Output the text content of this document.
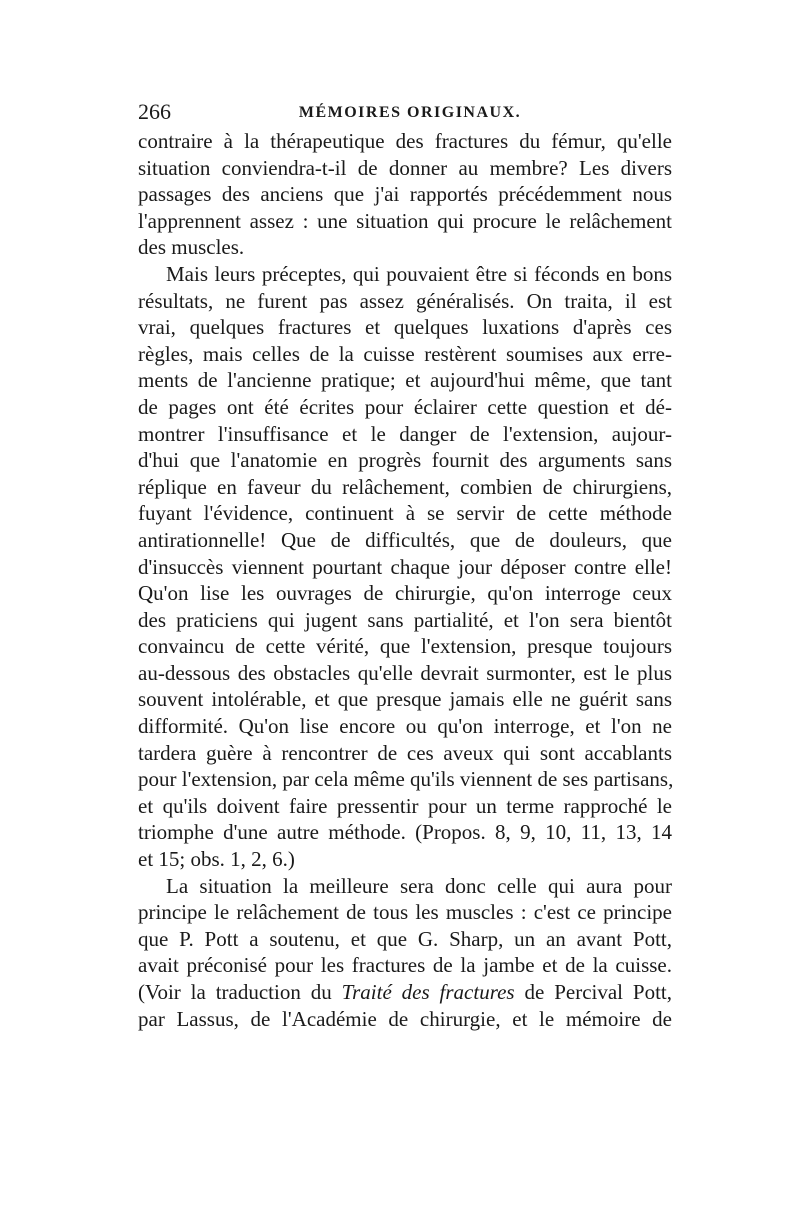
266	MÉMOIRES ORIGINAUX.
contraire à la thérapeutique des fractures du fémur, qu'elle
situation conviendra-t-il de donner au membre? Les divers
passages des anciens que j'ai rapportés précédemment nous
l'apprennent assez : une situation qui procure le relâchement
des muscles.
Mais leurs préceptes, qui pouvaient être si féconds en bons
résultats, ne furent pas assez généralisés. On traita, il est
vrai, quelques fractures et quelques luxations d'après ces
règles, mais celles de la cuisse restèrent soumises aux erre-
ments de l'ancienne pratique; et aujourd'hui même, que tant
de pages ont été écrites pour éclairer cette question et dé-
montrer l'insuffisance et le danger de l'extension, aujour-
d'hui que l'anatomie en progrès fournit des arguments sans
réplique en faveur du relâchement, combien de chirurgiens,
fuyant l'évidence, continuent à se servir de cette méthode
antirationnelle! Que de difficultés, que de douleurs, que
d'insuccès viennent pourtant chaque jour déposer contre elle!
Qu'on lise les ouvrages de chirurgie, qu'on interroge ceux
des praticiens qui jugent sans partialité, et l'on sera bientôt
convaincu de cette vérité, que l'extension, presque toujours
au-dessous des obstacles qu'elle devrait surmonter, est le plus
souvent intolérable, et que presque jamais elle ne guérit sans
difformité. Qu'on lise encore ou qu'on interroge, et l'on ne
tardera guère à rencontrer de ces aveux qui sont accablants
pour l'extension, par cela même qu'ils viennent de ses partisans,
et qu'ils doivent faire pressentir pour un terme rapproché le
triomphe d'une autre méthode. (Propos. 8, 9, 10, 11, 13, 14
et 15; obs. 1, 2, 6.)
La situation la meilleure sera donc celle qui aura pour
principe le relâchement de tous les muscles : c'est ce principe
que P. Pott a soutenu, et que G. Sharp, un an avant Pott,
avait préconisé pour les fractures de la jambe et de la cuisse.
(Voir la traduction du Traité des fractures de Percival Pott,
par Lassus, de l'Académie de chirurgie, et le mémoire de
